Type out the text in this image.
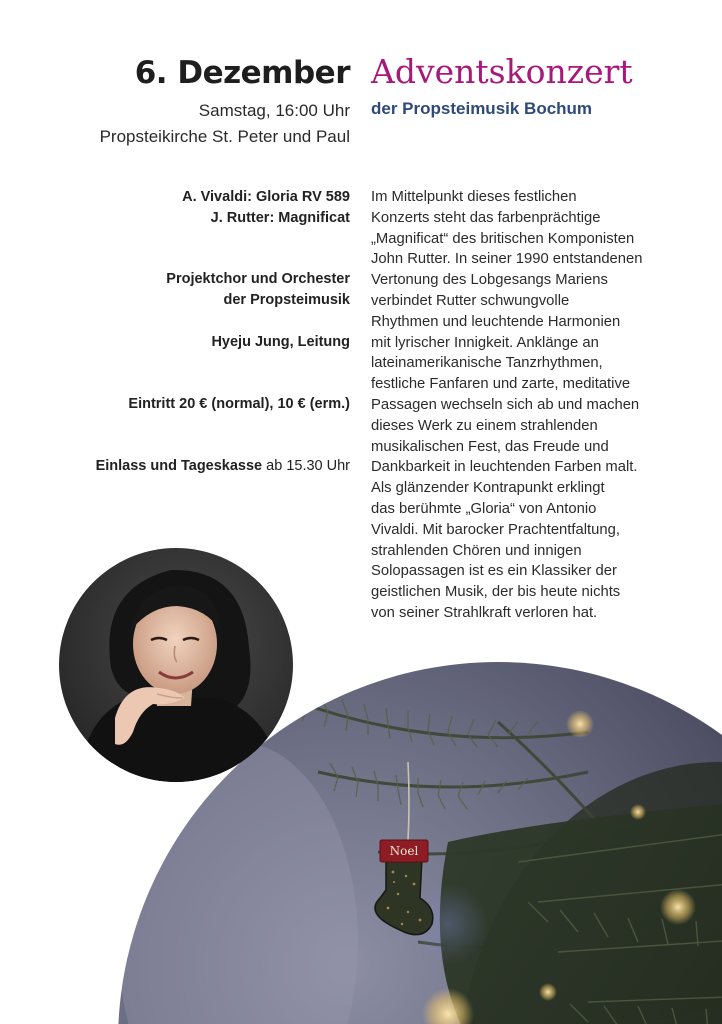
6. Dezember Adventskonzert
Samstag, 16:00 Uhr
Propsteikirche St. Peter und Paul
der Propsteimusik Bochum
A. Vivaldi: Gloria RV 589
J. Rutter: Magnificat
Projektchor und Orchester
der Propsteimusik
Hyeju Jung, Leitung
Eintritt 20 € (normal), 10 € (erm.)
Einlass und Tageskasse ab 15.30 Uhr
Im Mittelpunkt dieses festlichen
Konzerts steht das farbenprächtige
„Magnificat“ des britischen Komponisten
John Rutter. In seiner 1990 entstandenen
Vertonung des Lobgesangs Mariens
verbindet Rutter schwungvolle
Rhythmen und leuchtende Harmonien
mit lyrischer Innigkeit. Anklänge an
lateinamerikanische Tanzrhythmen,
festliche Fanfaren und zarte, meditative
Passagen wechseln sich ab und machen
dieses Werk zu einem strahlenden
musikalischen Fest, das Freude und
Dankbarkeit in leuchtenden Farben malt.
Als glänzender Kontrapunkt erklingt
das berühmte „Gloria“ von Antonio
Vivaldi. Mit barocker Prachtentfaltung,
strahlenden Chören und innigen
Solopassagen ist es ein Klassiker der
geistlichen Musik, der bis heute nichts
von seiner Strahlkraft verloren hat.
Noel
